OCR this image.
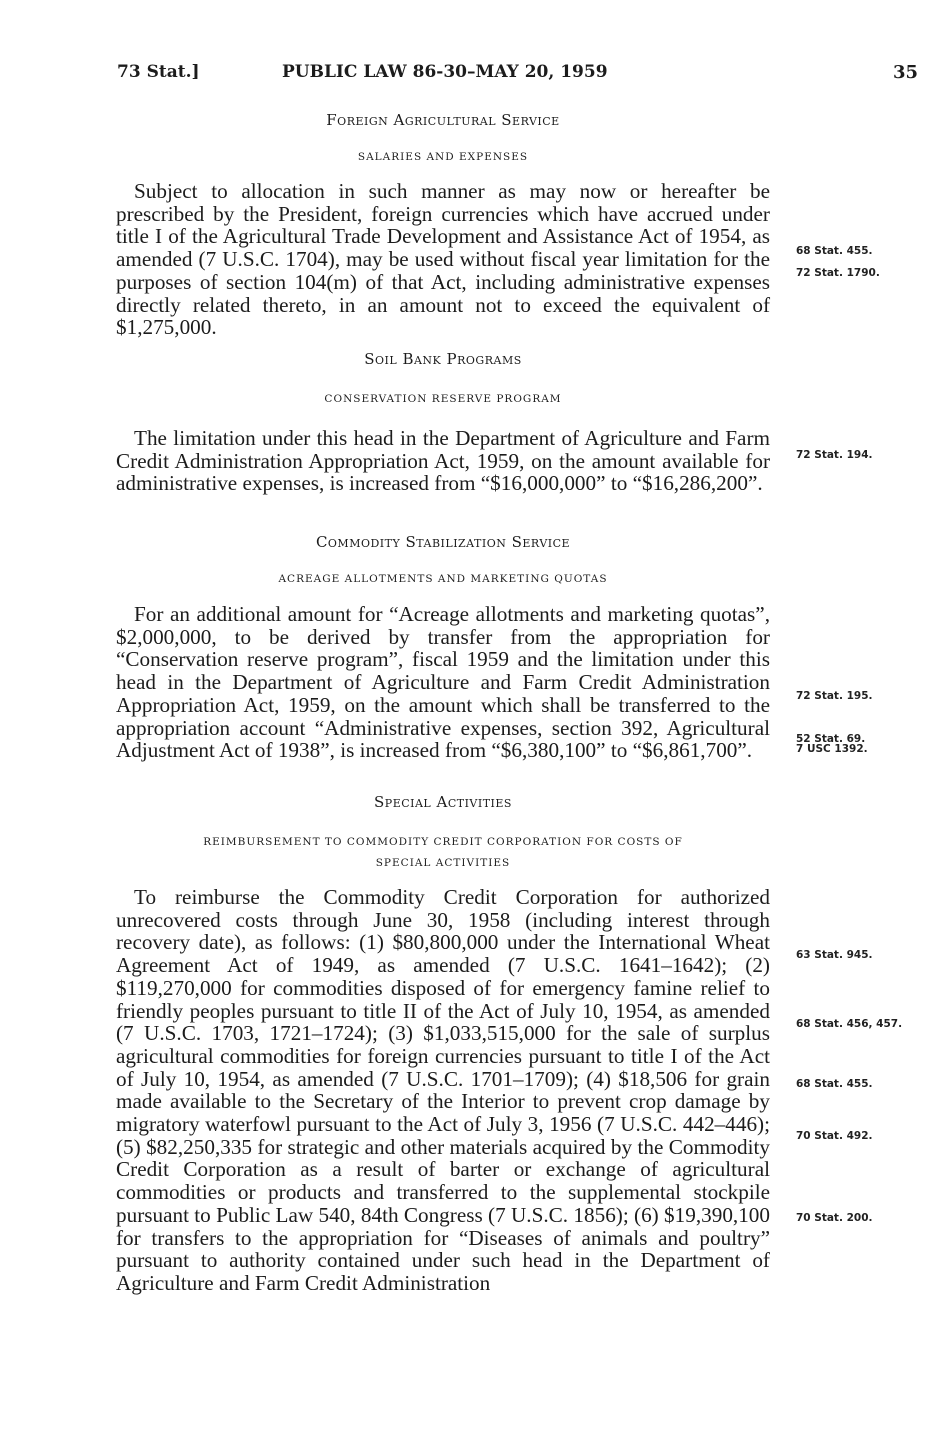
73 Stat.]	PUBLIC LAW 86-30–MAY 20, 1959	35
Foreign Agricultural Service
SALARIES AND EXPENSES

Subject to allocation in such manner as may now or hereafter be prescribed by the President, foreign currencies which have accrued under title I of the Agricultural Trade Development and Assistance Act of 1954, as amended (7 U.S.C. 1704), may be used without fiscal year limitation for the purposes of section 104(m) of that Act, including administrative expenses directly related thereto, in an amount not to exceed the equivalent of $1,275,000.

Soil Bank Programs
CONSERVATION RESERVE PROGRAM

The limitation under this head in the Department of Agriculture and Farm Credit Administration Appropriation Act, 1959, on the amount available for administrative expenses, is increased from “$16,000,000” to “$16,286,200”.

Commodity Stabilization Service
ACREAGE ALLOTMENTS AND MARKETING QUOTAS

For an additional amount for “Acreage allotments and marketing quotas”, $2,000,000, to be derived by transfer from the appropriation for “Conservation reserve program”, fiscal 1959 and the limitation under this head in the Department of Agriculture and Farm Credit Administration Appropriation Act, 1959, on the amount which shall be transferred to the appropriation account “Administrative expenses, section 392, Agricultural Adjustment Act of 1938”, is increased from “$6,380,100” to “$6,861,700”.

Special Activities
REIMBURSEMENT TO COMMODITY CREDIT CORPORATION FOR COSTS OF
SPECIAL ACTIVITIES

To reimburse the Commodity Credit Corporation for authorized unrecovered costs through June 30, 1958 (including interest through recovery date), as follows: (1) $80,800,000 under the International Wheat Agreement Act of 1949, as amended (7 U.S.C. 1641–1642); (2) $119,270,000 for commodities disposed of for emergency famine relief to friendly peoples pursuant to title II of the Act of July 10, 1954, as amended (7 U.S.C. 1703, 1721–1724); (3) $1,033,515,000 for the sale of surplus agricultural commodities for foreign currencies pursuant to title I of the Act of July 10, 1954, as amended (7 U.S.C. 1701–1709); (4) $18,506 for grain made available to the Secretary of the Interior to prevent crop damage by migratory waterfowl pursuant to the Act of July 3, 1956 (7 U.S.C. 442–446); (5) $82,250,335 for strategic and other materials acquired by the Commodity Credit Corporation as a result of barter or exchange of agricultural commodities or products and transferred to the supplemental stockpile pursuant to Public Law 540, 84th Congress (7 U.S.C. 1856); (6) $19,390,100 for transfers to the appropriation for “Diseases of animals and poultry” pursuant to authority contained under such head in the Department of Agriculture and Farm Credit Administration

68 Stat. 455.
72 Stat. 1790.
72 Stat. 194.
72 Stat. 195.
52 Stat. 69.
7 USC 1392.
63 Stat. 945.
68 Stat. 456, 457.
68 Stat. 455.
70 Stat. 492.
70 Stat. 200.
